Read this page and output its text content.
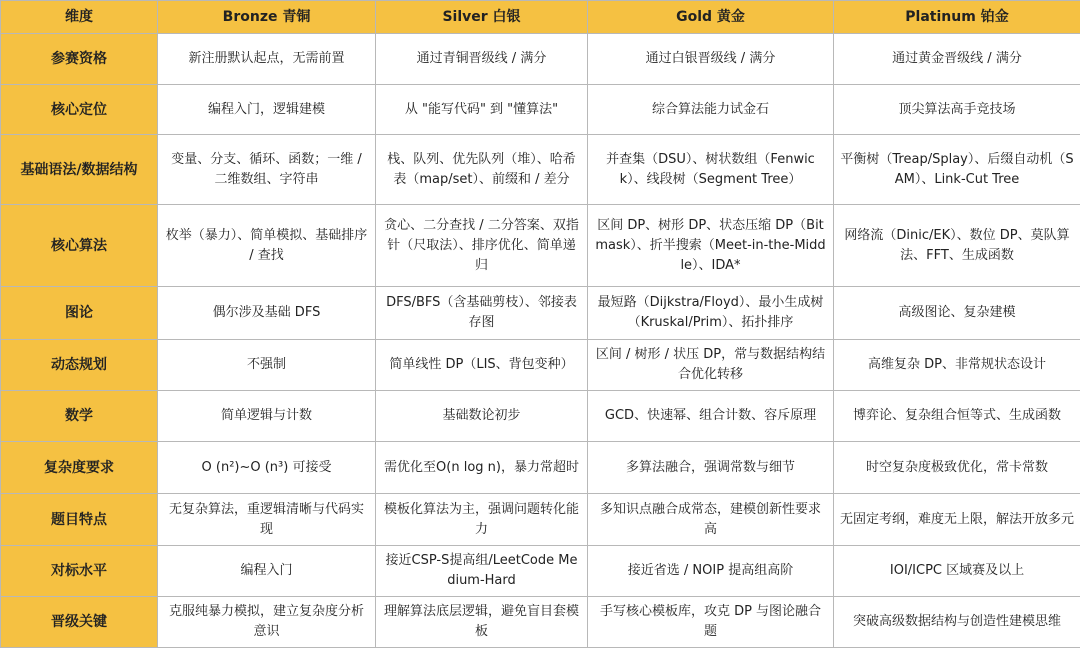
维度	Bronze 青铜	Silver 白银	Gold 黄金	Platinum 铂金
参赛资格	新注册默认起点，无需前置	通过青铜晋级线 / 满分	通过白银晋级线 / 满分	通过黄金晋级线 / 满分
核心定位	编程入门，逻辑建模	从 "能写代码" 到 "懂算法"	综合算法能力试金石	顶尖算法高手竞技场
基础语法/数据结构	变量、分支、循环、函数；一维 / 二维数组、字符串	栈、队列、优先队列（堆）、哈希表（map/set）、前缀和 / 差分	并查集（DSU）、树状数组（Fenwick）、线段树（Segment Tree）	平衡树（Treap/Splay）、后缀自动机（SAM）、Link-Cut Tree
核心算法	枚举（暴力）、简单模拟、基础排序 / 查找	贪心、二分查找 / 二分答案、双指针（尺取法）、排序优化、简单递归	区间 DP、树形 DP、状态压缩 DP（Bitmask）、折半搜索（Meet-in-the-Middle）、IDA*	网络流（Dinic/EK）、数位 DP、莫队算法、FFT、生成函数
图论	偶尔涉及基础 DFS	DFS/BFS（含基础剪枝）、邻接表存图	最短路（Dijkstra/Floyd）、最小生成树（Kruskal/Prim）、拓扑排序	高级图论、复杂建模
动态规划	不强制	简单线性 DP（LIS、背包变种）	区间 / 树形 / 状压 DP，常与数据结构结合优化转移	高维复杂 DP、非常规状态设计
数学	简单逻辑与计数	基础数论初步	GCD、快速幂、组合计数、容斥原理	博弈论、复杂组合恒等式、生成函数
复杂度要求	O (n²)~O (n³) 可接受	需优化至O(n log n)，暴力常超时	多算法融合，强调常数与细节	时空复杂度极致优化，常卡常数
题目特点	无复杂算法，重逻辑清晰与代码实现	模板化算法为主，强调问题转化能力	多知识点融合成常态，建模创新性要求高	无固定考纲，难度无上限，解法开放多元
对标水平	编程入门	接近CSP-S提高组/LeetCode Medium-Hard	接近省选 / NOIP 提高组高阶	IOI/ICPC 区域赛及以上
晋级关键	克服纯暴力模拟，建立复杂度分析意识	理解算法底层逻辑，避免盲目套模板	手写核心模板库，攻克 DP 与图论融合题	突破高级数据结构与创造性建模思维
